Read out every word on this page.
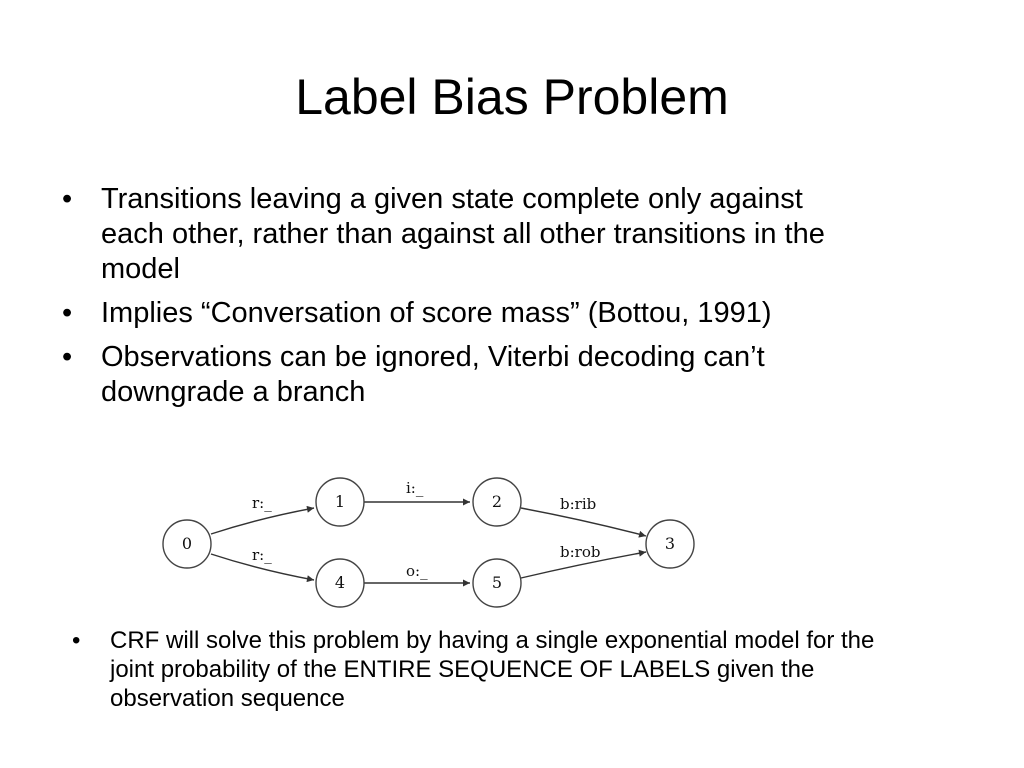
Label Bias Problem
• Transitions leaving a given state complete only against each other, rather than against all other transitions in the model
• Implies “Conversation of score mass” (Bottou, 1991)
• Observations can be ignored, Viterbi decoding can’t downgrade a branch
r:_
r:_
i:_
o:_
b:rib
b:rob
0
1	2
3
4	5
• CRF will solve this problem by having a single exponential model for the joint probability of the ENTIRE SEQUENCE OF LABELS given the observation sequence
